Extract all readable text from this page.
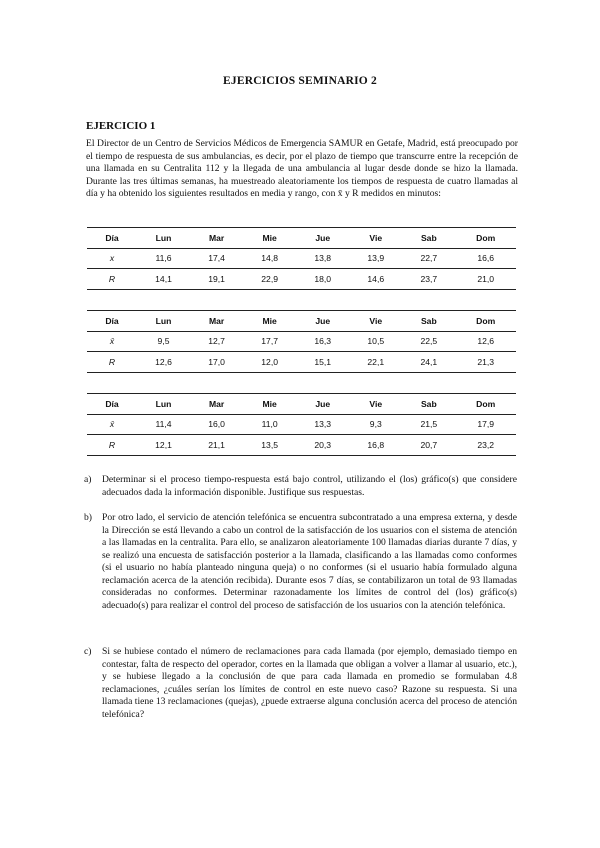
EJERCICIOS SEMINARIO 2
EJERCICIO 1
El Director de un Centro de Servicios Médicos de Emergencia SAMUR en Getafe, Madrid, está preocupado por el tiempo de respuesta de sus ambulancias, es decir, por el plazo de tiempo que transcurre entre la recepción de una llamada en su Centralita 112 y la llegada de una ambulancia al lugar desde donde se hizo la llamada. Durante las tres últimas semanas, ha muestreado aleatoriamente los tiempos de respuesta de cuatro llamadas al día y ha obtenido los siguientes resultados en media y rango, con x̄ y R medidos en minutos:
Día	Lun	Mar	Mie	Jue	Vie	Sab	Dom
x	11,6	17,4	14,8	13,8	13,9	22,7	16,6
R	14,1	19,1	22,9	18,0	14,6	23,7	21,0
Día	Lun	Mar	Mie	Jue	Vie	Sab	Dom
x̄	9,5	12,7	17,7	16,3	10,5	22,5	12,6
R	12,6	17,0	12,0	15,1	22,1	24,1	21,3
Día	Lun	Mar	Mie	Jue	Vie	Sab	Dom
x̄	11,4	16,0	11,0	13,3	9,3	21,5	17,9
R	12,1	21,1	13,5	20,3	16,8	20,7	23,2
a) Determinar si el proceso tiempo-respuesta está bajo control, utilizando el (los) gráfico(s) que considere adecuados dada la información disponible. Justifique sus respuestas.
b) Por otro lado, el servicio de atención telefónica se encuentra subcontratado a una empresa externa, y desde la Dirección se está llevando a cabo un control de la satisfacción de los usuarios con el sistema de atención a las llamadas en la centralita. Para ello, se analizaron aleatoriamente 100 llamadas diarias durante 7 días, y se realizó una encuesta de satisfacción posterior a la llamada, clasificando a las llamadas como conformes (si el usuario no había planteado ninguna queja) o no conformes (si el usuario había formulado alguna reclamación acerca de la atención recibida). Durante esos 7 días, se contabilizaron un total de 93 llamadas consideradas no conformes. Determinar razonadamente los límites de control del (los) gráfico(s) adecuado(s) para realizar el control del proceso de satisfacción de los usuarios con la atención telefónica.
c) Si se hubiese contado el número de reclamaciones para cada llamada (por ejemplo, demasiado tiempo en contestar, falta de respecto del operador, cortes en la llamada que obligan a volver a llamar al usuario, etc.), y se hubiese llegado a la conclusión de que para cada llamada en promedio se formulaban 4.8 reclamaciones, ¿cuáles serían los límites de control en este nuevo caso? Razone su respuesta. Si una llamada tiene 13 reclamaciones (quejas), ¿puede extraerse alguna conclusión acerca del proceso de atención telefónica?
